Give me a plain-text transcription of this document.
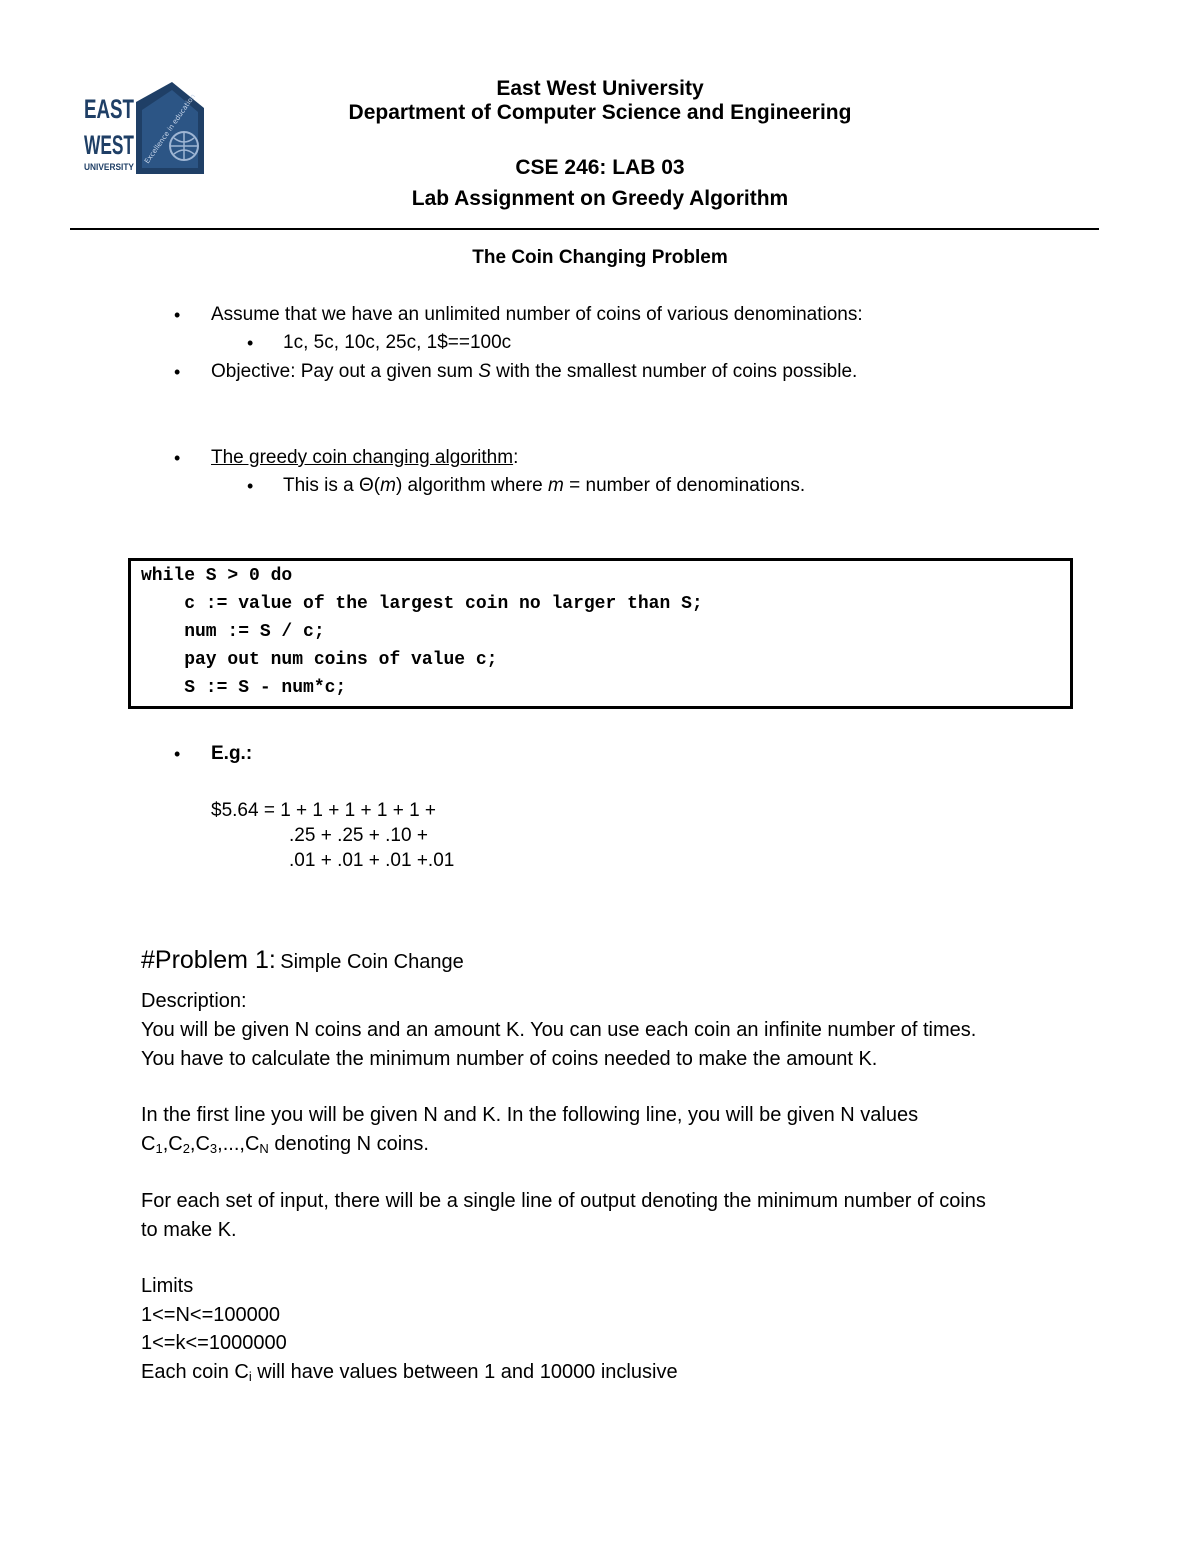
Excellence in education
EAST
WEST
UNIVERSITY
East West University
Department of Computer Science and Engineering
CSE 246: LAB 03
Lab Assignment on Greedy Algorithm
The Coin Changing Problem
• Assume that we have an unlimited number of coins of various denominations:
• 1c, 5c, 10c, 25c, 1$==100c
• Objective: Pay out a given sum S with the smallest number of coins possible.
• The greedy coin changing algorithm:
• This is a Θ(m) algorithm where m = number of denominations.
while S > 0 do
c := value of the largest coin no larger than S;
num := S / c;
pay out num coins of value c;
S := S - num*c;
• E.g.:
$5.64 = 1 + 1 + 1 + 1 + 1 +
.25 + .25 + .10 +
.01 + .01 + .01 +.01
#Problem 1: Simple Coin Change
Description:
You will be given N coins and an amount K. You can use each coin an infinite number of times.
You have to calculate the minimum number of coins needed to make the amount K.
In the first line you will be given N and K. In the following line, you will be given N values
$C_1,C_2,C_3,...,C_N$ denoting N coins.
For each set of input, there will be a single line of output denoting the minimum number of coins
to make K.
Limits
1<=N<=100000
1<=k<=1000000
Each coin $C_i$ will have values between 1 and 10000 inclusive
